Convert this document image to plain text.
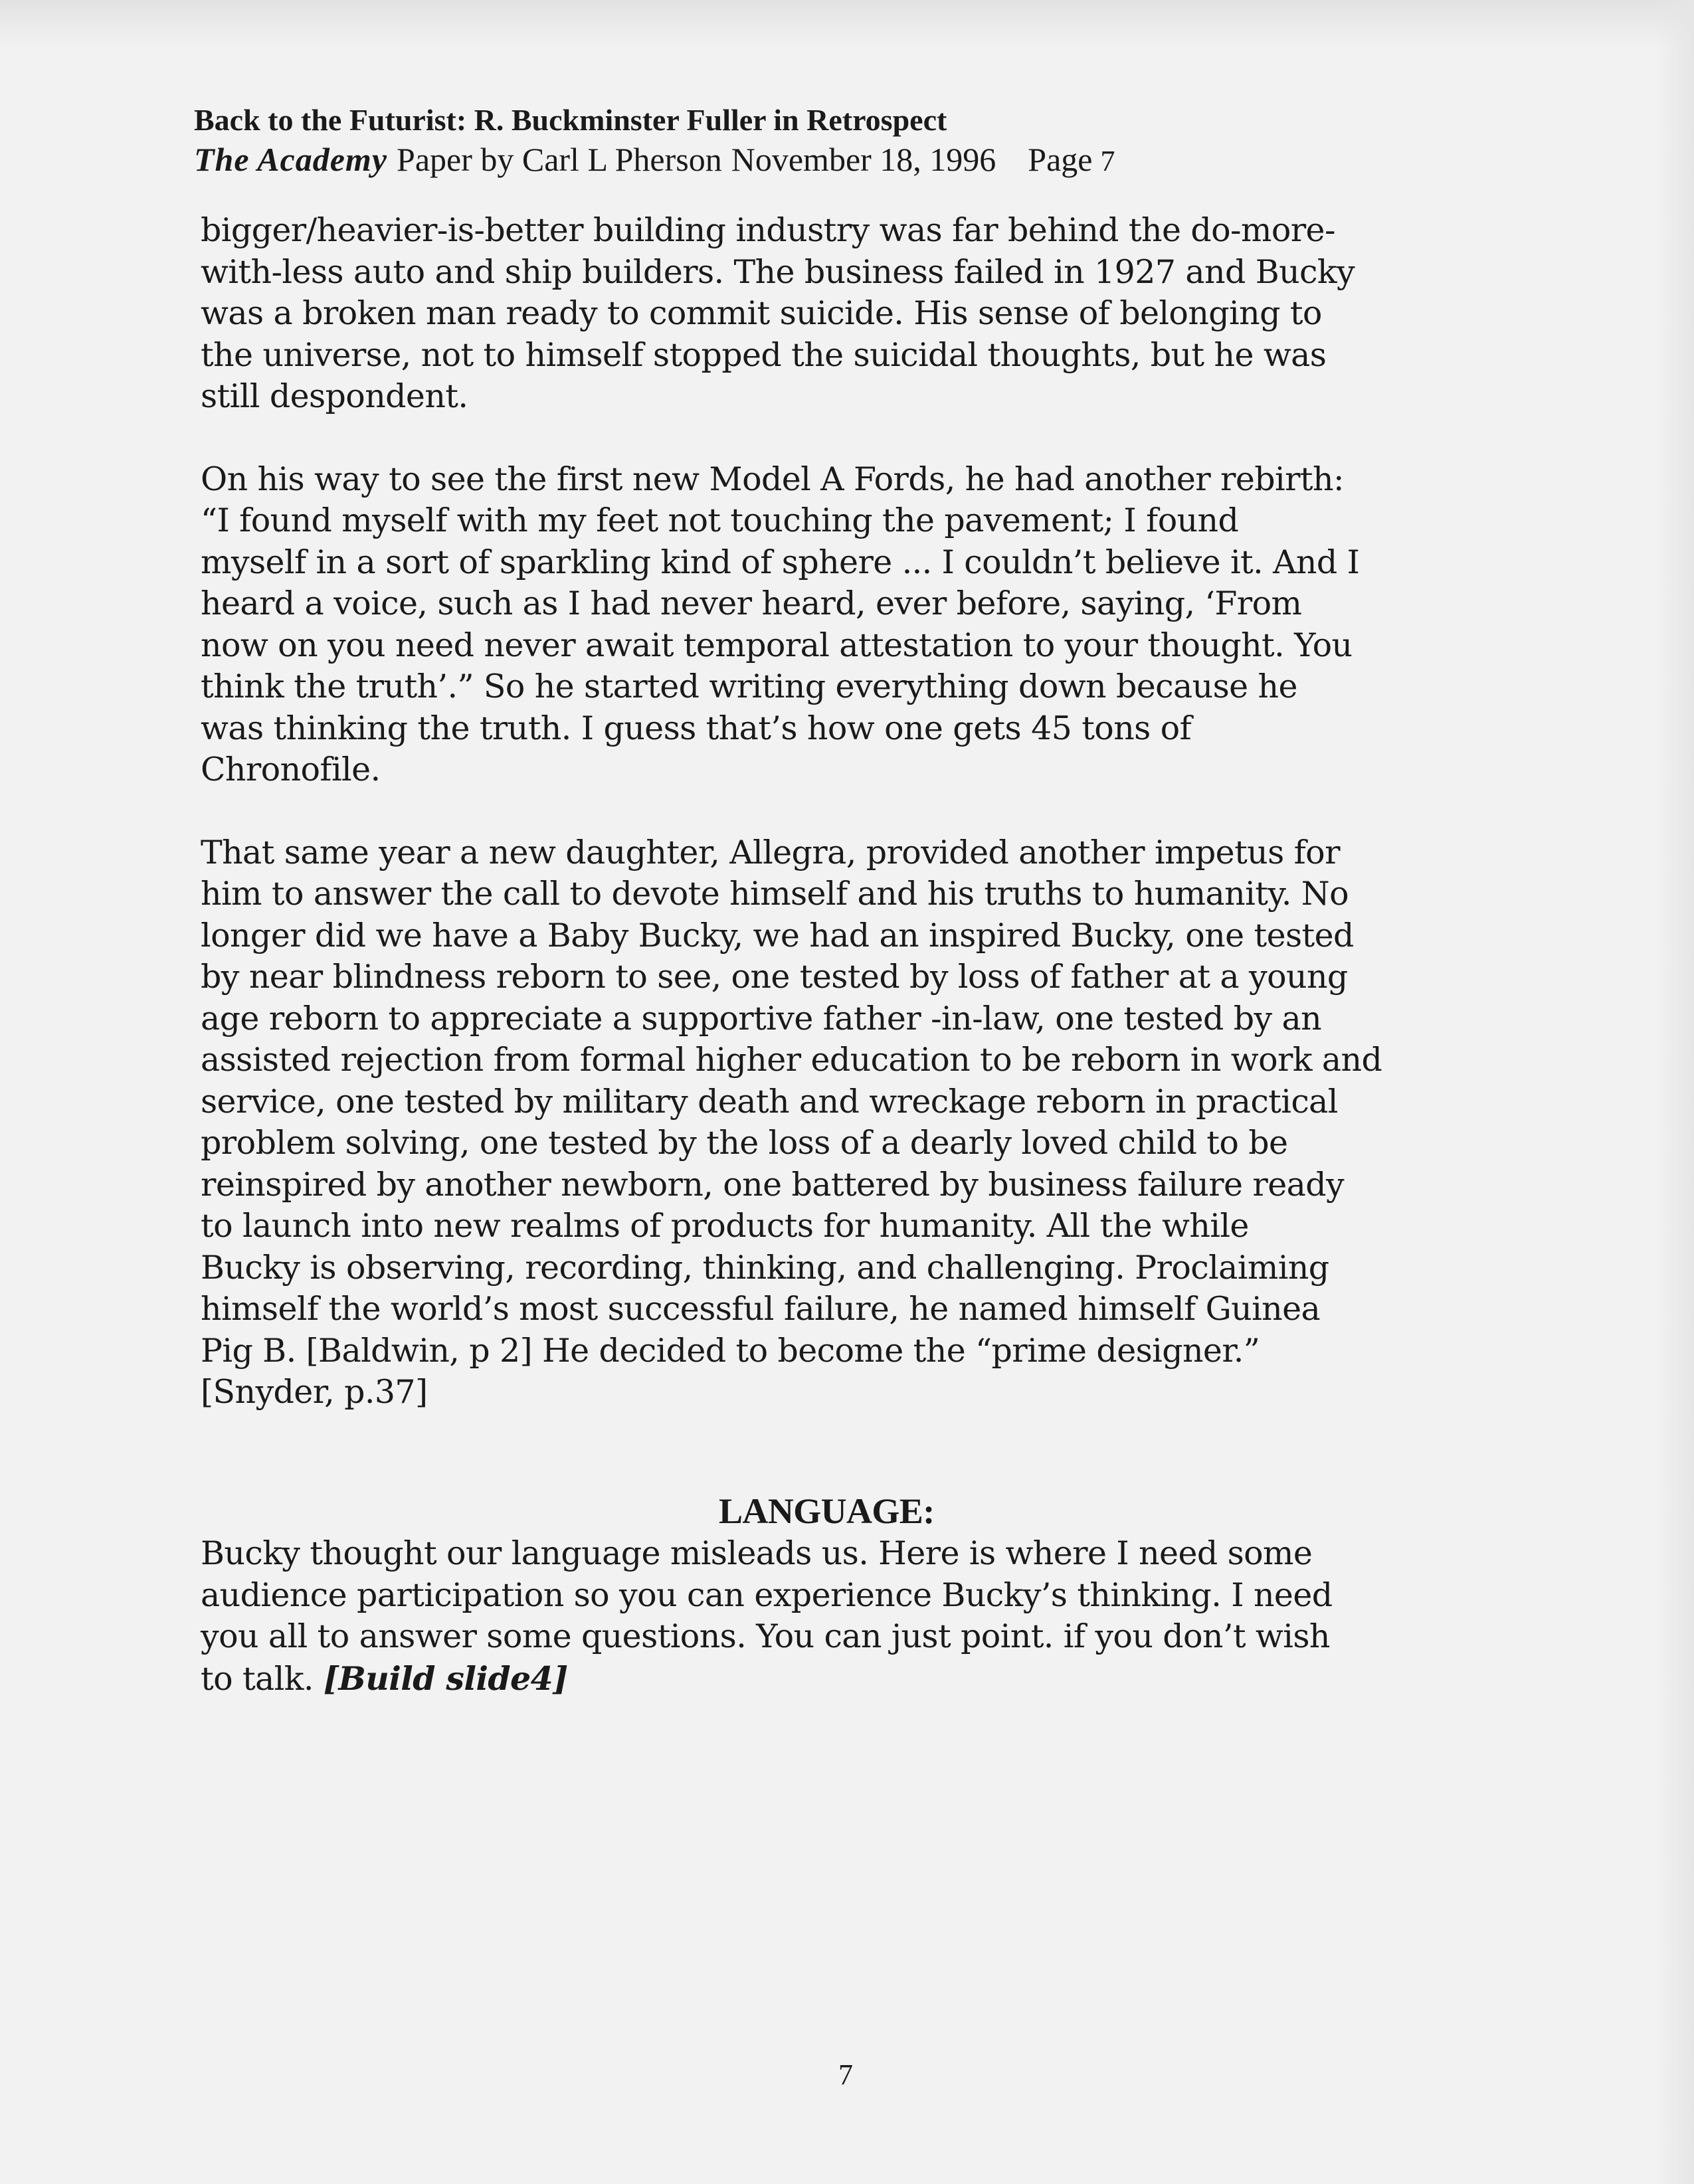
Back to the Futurist: R. Buckminster Fuller in Retrospect
The Academy Paper by Carl L Pherson November 18, 1996 Page 7

bigger/heavier-is-better building industry was far behind the do-more-
with-less auto and ship builders. The business failed in 1927 and Bucky
was a broken man ready to commit suicide. His sense of belonging to
the universe, not to himself stopped the suicidal thoughts, but he was
still despondent.

On his way to see the first new Model A Fords, he had another rebirth:
“I found myself with my feet not touching the pavement; I found
myself in a sort of sparkling kind of sphere ... I couldn’t believe it. And I
heard a voice, such as I had never heard, ever before, saying, ‘From
now on you need never await temporal attestation to your thought. You
think the truth’.” So he started writing everything down because he
was thinking the truth. I guess that’s how one gets 45 tons of
Chronofile.

That same year a new daughter, Allegra, provided another impetus for
him to answer the call to devote himself and his truths to humanity. No
longer did we have a Baby Bucky, we had an inspired Bucky, one tested
by near blindness reborn to see, one tested by loss of father at a young
age reborn to appreciate a supportive father -in-law, one tested by an
assisted rejection from formal higher education to be reborn in work and
service, one tested by military death and wreckage reborn in practical
problem solving, one tested by the loss of a dearly loved child to be
reinspired by another newborn, one battered by business failure ready
to launch into new realms of products for humanity. All the while
Bucky is observing, recording, thinking, and challenging. Proclaiming
himself the world’s most successful failure, he named himself Guinea
Pig B. [Baldwin, p 2] He decided to become the “prime designer.”
[Snyder, p.37]

LANGUAGE:
Bucky thought our language misleads us. Here is where I need some
audience participation so you can experience Bucky’s thinking. I need
you all to answer some questions. You can just point. if you don’t wish
to talk. [Build slide4]
7
